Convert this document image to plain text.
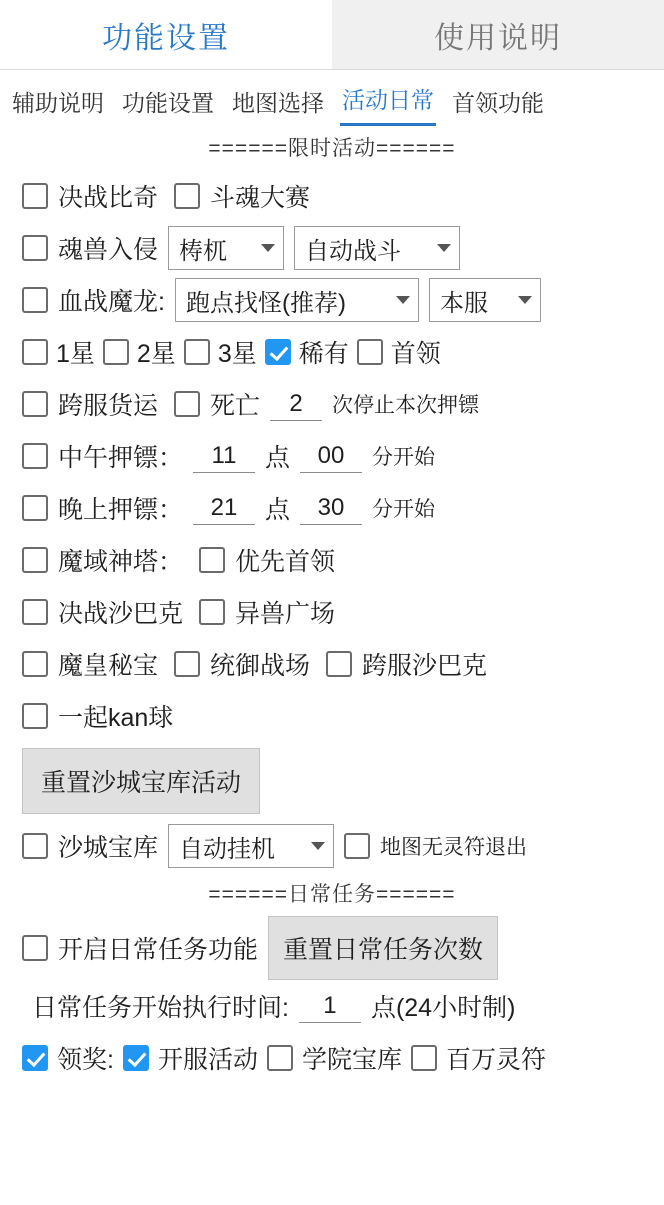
功能设置	使用说明
辅助说明 功能设置 地图选择 活动日常 首领功能
======限时活动======
决战比奇 斗魂大赛
魂兽入侵 梼杌	自动战斗
血战魔龙: 跑点找怪(推荐)	本服
1星 2星 3星 稀有 首领
跨服货运 死亡
2	次停止本次押镖
中午押镖：
11	点
00	分开始
晚上押镖：
21	点
30	分开始
魔域神塔： 优先首领
决战沙巴克 异兽广场
魔皇秘宝 统御战场 跨服沙巴克
一起kan球
重置沙城宝库活动
沙城宝库 自动挂机	地图无灵符退出
======日常任务======
开启日常任务功能	重置日常任务次数
日常任务开始执行时间:
1	点(24小时制)
领奖: 开服活动 学院宝库 百万灵符
